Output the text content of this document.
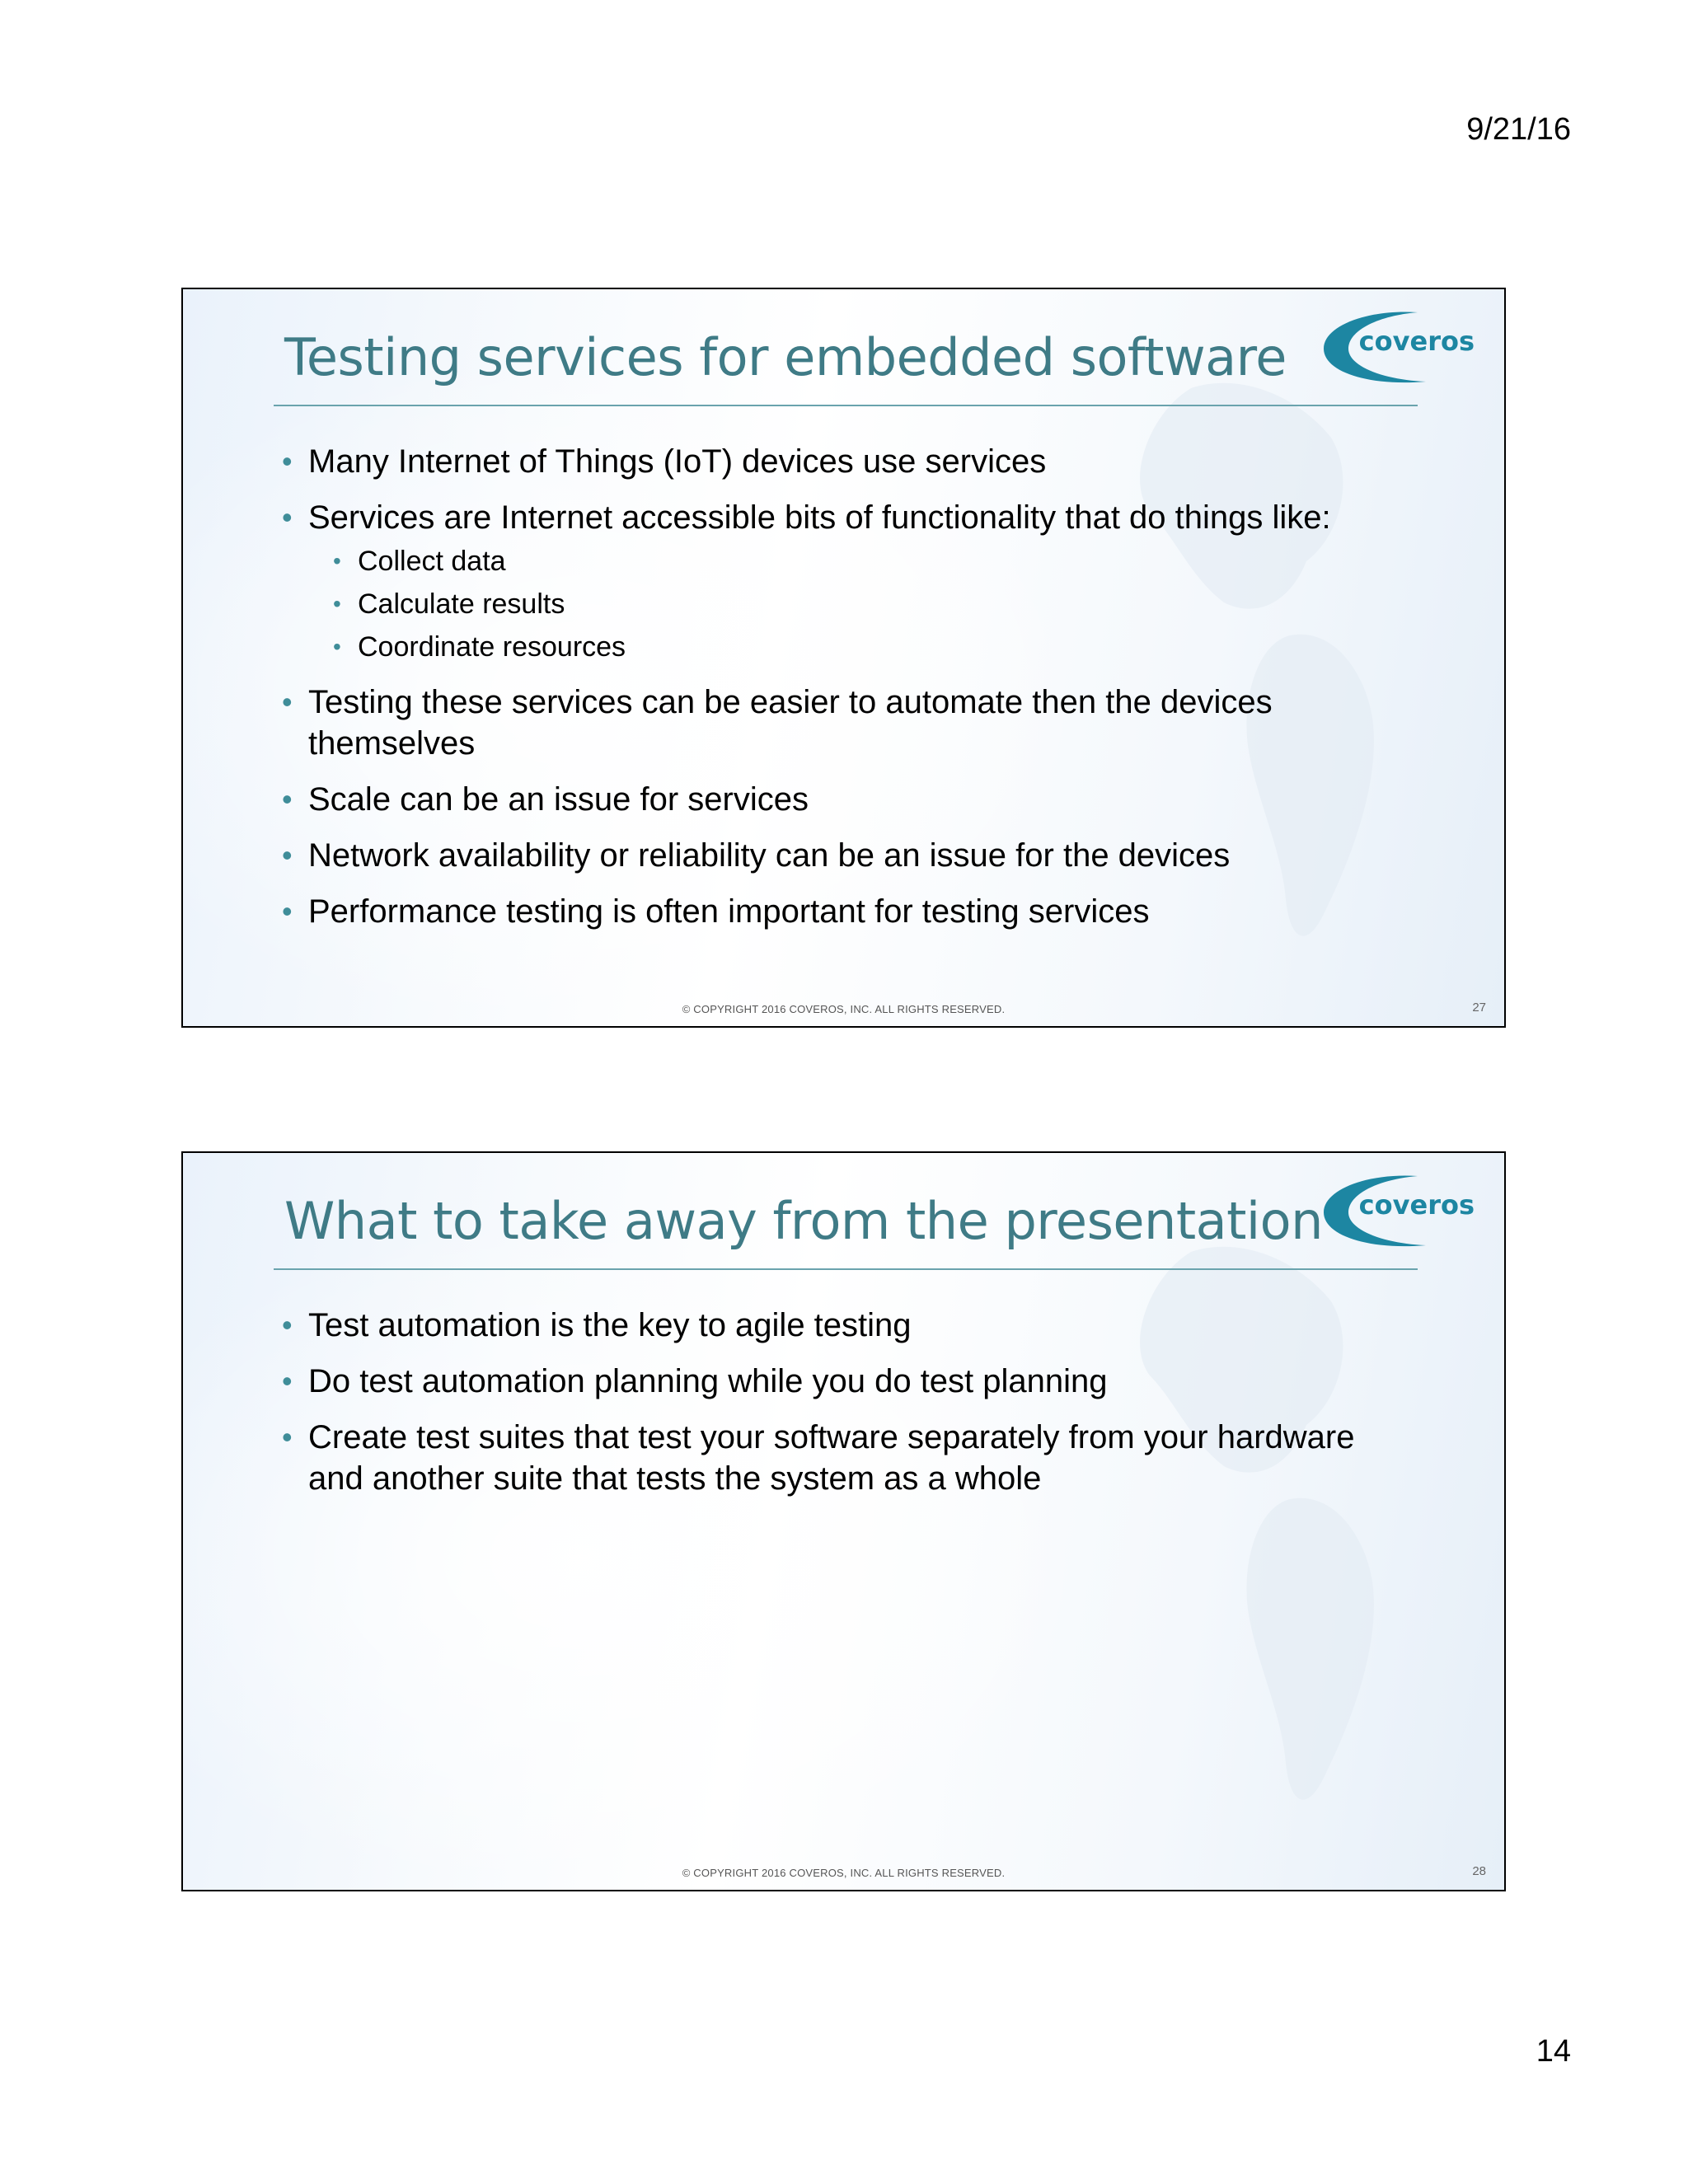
9/21/16
Testing services for embedded software	coveros
• Many Internet of Things (IoT) devices use services
• Services are Internet accessible bits of functionality that do things like:
• Collect data
• Calculate results
• Coordinate resources
• Testing these services can be easier to automate then the devices themselves
• Scale can be an issue for services
• Network availability or reliability can be an issue for the devices
• Performance testing is often important for testing services
© COPYRIGHT 2016 COVEROS, INC. ALL RIGHTS RESERVED.	27
What to take away from the presentation coveros
• Test automation is the key to agile testing
• Do test automation planning while you do test planning
• Create test suites that test your software separately from your hardware and another suite that tests the system as a whole
© COPYRIGHT 2016 COVEROS, INC. ALL RIGHTS RESERVED.	28
14
